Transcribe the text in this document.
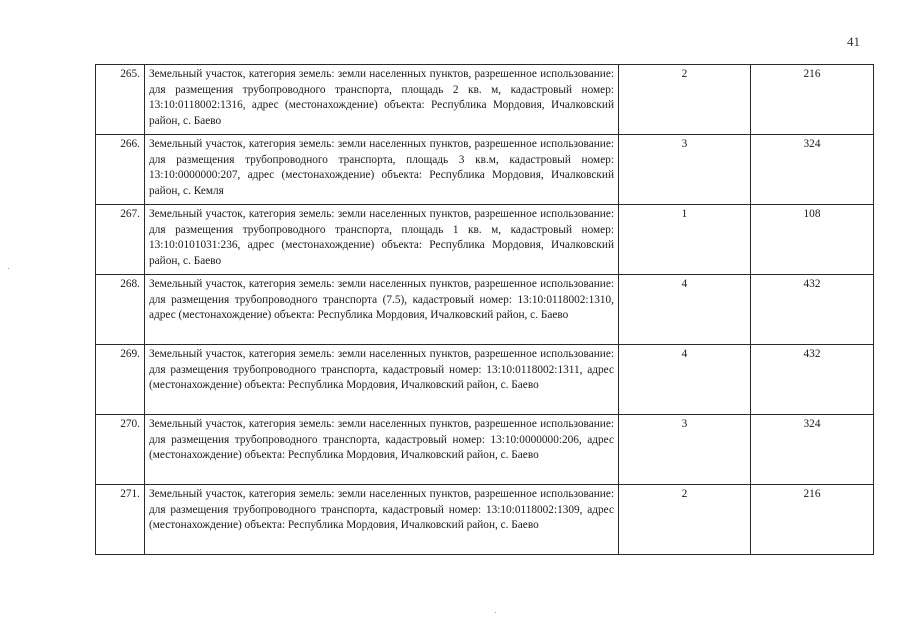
41
265.	Земельный участок, категория земель: земли населенных пунктов, разрешенное использование: для размещения трубопроводного транспорта, площадь 2 кв. м, кадастровый номер: 13:10:0118002:1316, адрес (местонахождение) объекта: Республика Мордовия, Ичалковский район, с. Баево	2	216
266.	Земельный участок, категория земель: земли населенных пунктов, разрешенное использование: для размещения трубопроводного транспорта, площадь 3 кв.м, кадастровый номер: 13:10:0000000:207, адрес (местонахождение) объекта: Республика Мордовия, Ичалковский район, с. Кемля	3	324
267.	Земельный участок, категория земель: земли населенных пунктов, разрешенное использование: для размещения трубопроводного транспорта, площадь 1 кв. м, кадастровый номер: 13:10:0101031:236, адрес (местонахождение) объекта: Республика Мордовия, Ичалковский район, с. Баево	1	108
268.	Земельный участок, категория земель: земли населенных пунктов, разрешенное использование: для размещения трубопроводного транспорта (7.5), кадастровый номер: 13:10:0118002:1310, адрес (местонахождение) объекта: Республика Мордовия, Ичалковский район, с. Баево	4	432
269.	Земельный участок, категория земель: земли населенных пунктов, разрешенное использование: для размещения трубопроводного транспорта, кадастровый номер: 13:10:0118002:1311, адрес (местонахождение) объекта: Республика Мордовия, Ичалковский район, с. Баево	4	432
270.	Земельный участок, категория земель: земли населенных пунктов, разрешенное использование: для размещения трубопроводного транспорта, кадастровый номер: 13:10:0000000:206, адрес (местонахождение) объекта: Республика Мордовия, Ичалковский район, с. Баево	3	324
271.	Земельный участок, категория земель: земли населенных пунктов, разрешенное использование: для размещения трубопроводного транспорта, кадастровый номер: 13:10:0118002:1309, адрес (местонахождение) объекта: Республика Мордовия, Ичалковский район, с. Баево	2	216
